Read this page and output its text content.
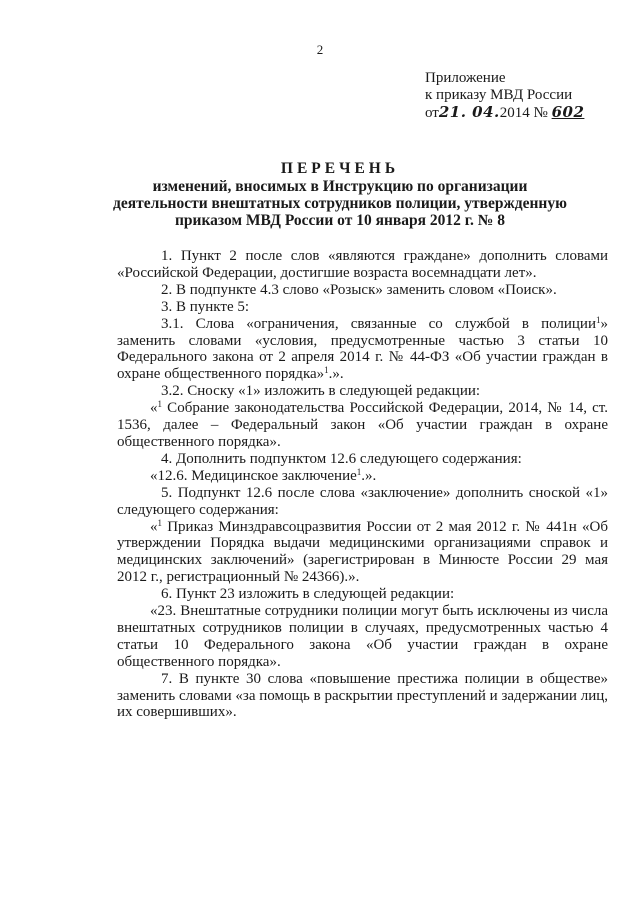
2
Приложение
к приказу МВД России
от21. 04.2014 № 602
ПЕРЕЧЕНЬ
изменений, вносимых в Инструкцию по организации
деятельности внештатных сотрудников полиции, утвержденную
приказом МВД России от 10 января 2012 г. № 8

1. Пункт 2 после слов «являются граждане» дополнить словами «Российской Федерации, достигшие возраста восемнадцати лет».

2. В подпункте 4.3 слово «Розыск» заменить словом «Поиск».

3. В пункте 5:

3.1. Слова «ограничения, связанные со службой в полиции$^1$» заменить словами «условия, предусмотренные частью 3 статьи 10 Федерального закона от 2 апреля 2014 г. № 44-ФЗ «Об участии граждан в охране общественного порядка»$^1$.».

3.2. Сноску «1» изложить в следующей редакции:

«$^1$ Собрание законодательства Российской Федерации, 2014, № 14, ст. 1536, далее – Федеральный закон «Об участии граждан в охране общественного порядка».

4. Дополнить подпунктом 12.6 следующего содержания:

«12.6. Медицинское заключение$^1$.».

5. Подпункт 12.6 после слова «заключение» дополнить сноской «1» следующего содержания:

«$^1$ Приказ Минздравсоцразвития России от 2 мая 2012 г. № 441н «Об утверждении Порядка выдачи медицинскими организациями справок и медицинских заключений» (зарегистрирован в Минюсте России 29 мая 2012 г., регистрационный № 24366).».

6. Пункт 23 изложить в следующей редакции:

«23. Внештатные сотрудники полиции могут быть исключены из числа внештатных сотрудников полиции в случаях, предусмотренных частью 4 статьи 10 Федерального закона «Об участии граждан в охране общественного порядка».

7. В пункте 30 слова «повышение престижа полиции в обществе» заменить словами «за помощь в раскрытии преступлений и задержании лиц, их совершивших».
